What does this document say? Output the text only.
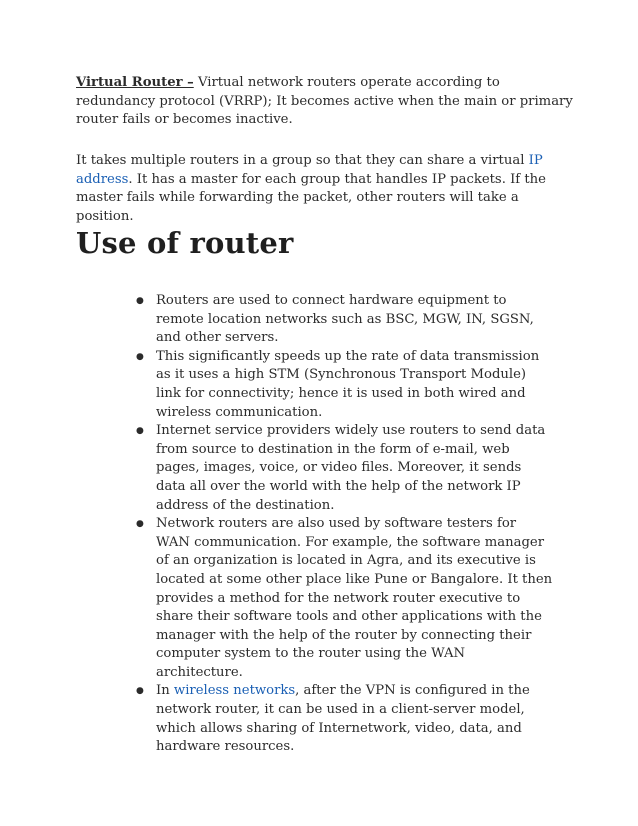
Virtual Router – Virtual network routers operate according to redundancy protocol (VRRP); It becomes active when the main or primary router fails or becomes inactive.

It takes multiple routers in a group so that they can share a virtual IP address. It has a master for each group that handles IP packets. If the master fails while forwarding the packet, other routers will take a position.

Use of router
● Routers are used to connect hardware equipment to remote location networks such as BSC, MGW, IN, SGSN, and other servers.
● This significantly speeds up the rate of data transmission as it uses a high STM (Synchronous Transport Module) link for connectivity; hence it is used in both wired and wireless communication.
● Internet service providers widely use routers to send data from source to destination in the form of e-mail, web pages, images, voice, or video files. Moreover, it sends data all over the world with the help of the network IP address of the destination.
● Network routers are also used by software testers for WAN communication. For example, the software manager of an organization is located in Agra, and its executive is located at some other place like Pune or Bangalore. It then provides a method for the network router executive to share their software tools and other applications with the manager with the help of the router by connecting their computer system to the router using the WAN architecture.
● In wireless networks, after the VPN is configured in the network router, it can be used in a client-server model, which allows sharing of Internetwork, video, data, and hardware resources.
